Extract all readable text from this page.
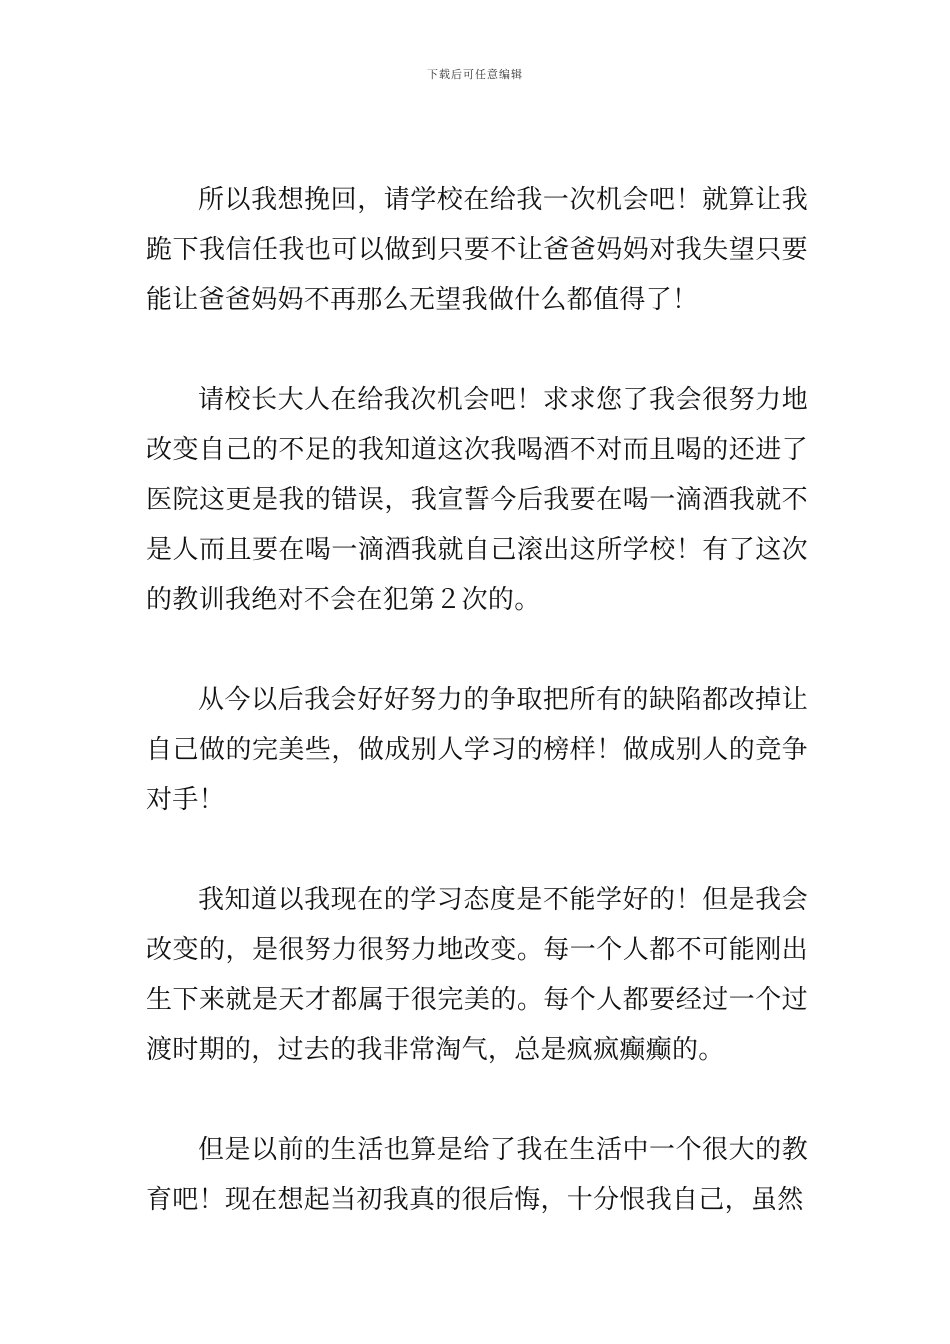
下载后可任意编辑

所以我想挽回，请学校在给我一次机会吧！就算让我跪下我信任我也可以做到只要不让爸爸妈妈对我失望只要能让爸爸妈妈不再那么无望我做什么都值得了！

请校长大人在给我次机会吧！求求您了我会很努力地改变自己的不足的我知道这次我喝酒不对而且喝的还进了医院这更是我的错误，我宣誓今后我要在喝一滴酒我就不是人而且要在喝一滴酒我就自己滚出这所学校！有了这次的教训我绝对不会在犯第２次的。

从今以后我会好好努力的争取把所有的缺陷都改掉让自己做的完美些，做成别人学习的榜样！做成别人的竞争对手！

我知道以我现在的学习态度是不能学好的！但是我会改变的，是很努力很努力地改变。每一个人都不可能刚出生下来就是天才都属于很完美的。每个人都要经过一个过渡时期的，过去的我非常淘气，总是疯疯癫癫的。

但是以前的生活也算是给了我在生活中一个很大的教育吧！现在想起当初我真的很后悔，十分恨我自己，虽然
